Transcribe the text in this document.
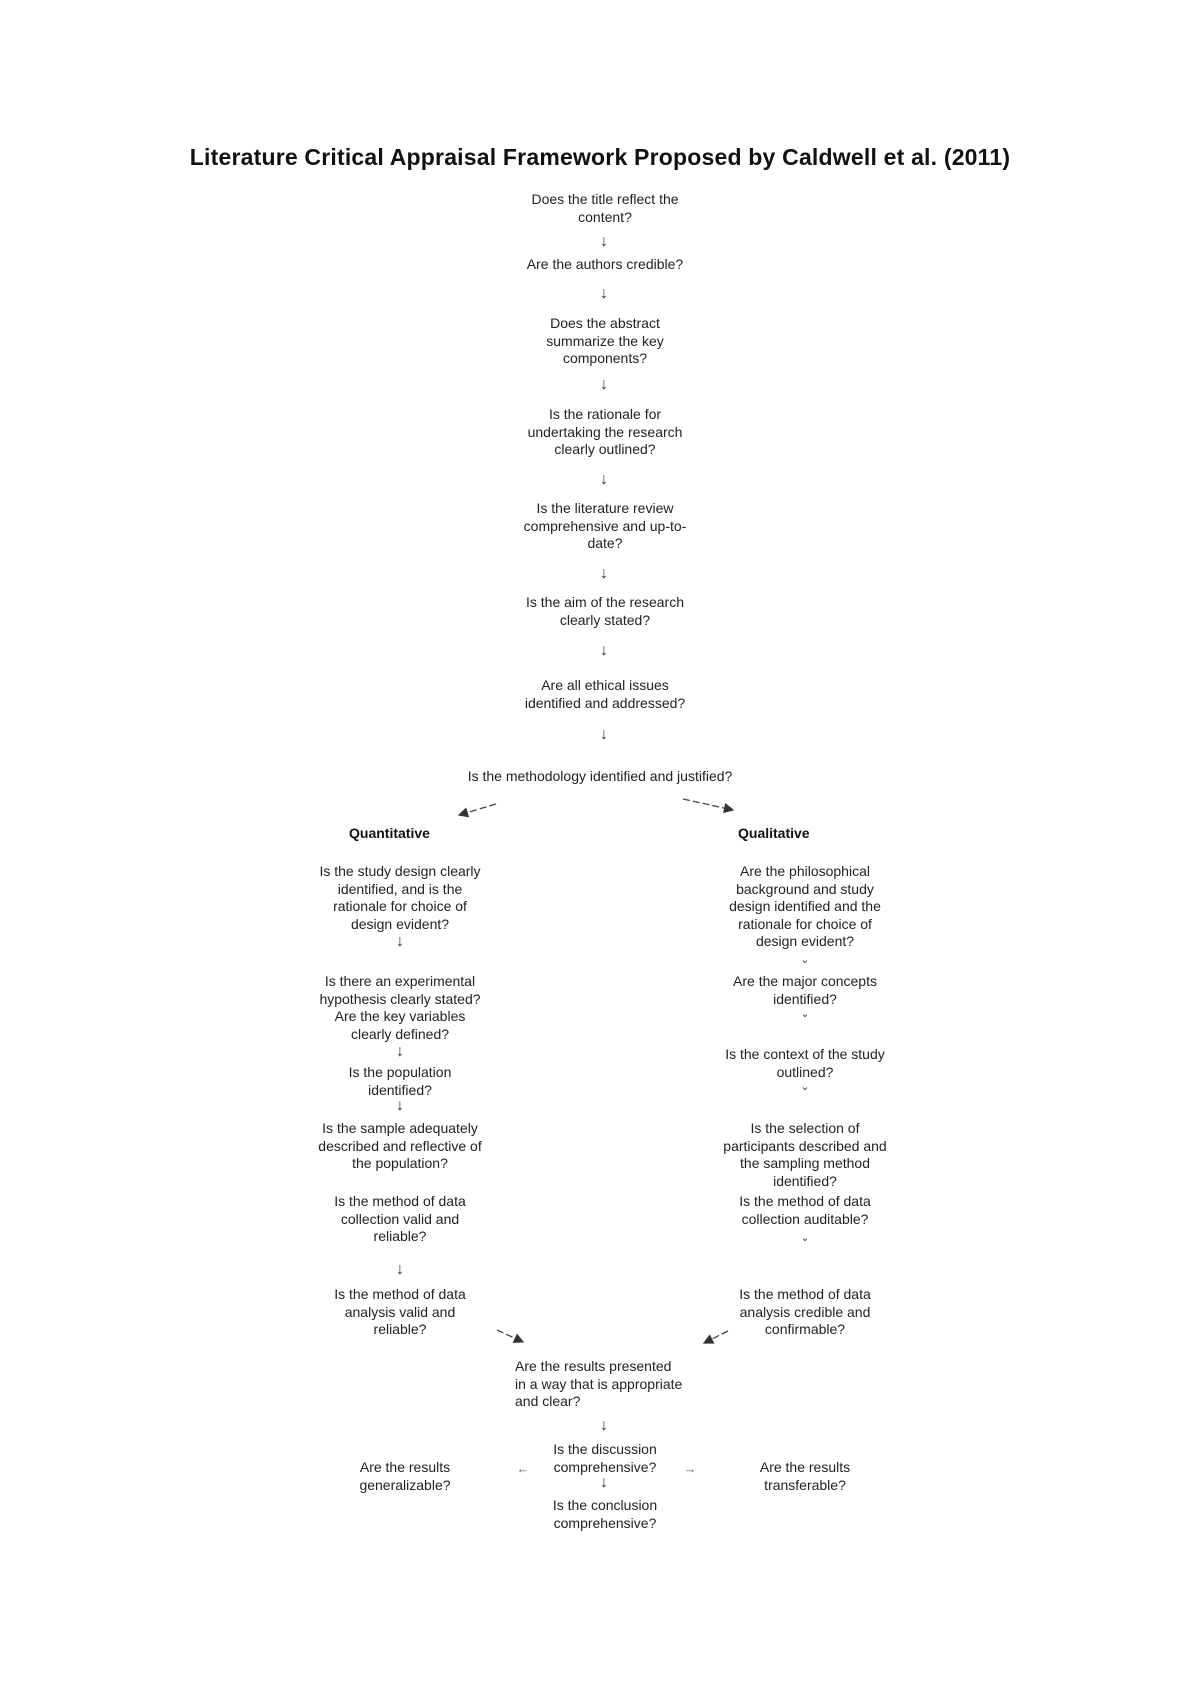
Literature Critical Appraisal Framework Proposed by Caldwell et al. (2011)
Does the title reflect the
content?
↓
Are the authors credible?
↓
Does the abstract
summarize the key
components?
↓
Is the rationale for
undertaking the research
clearly outlined?
↓
Is the literature review
comprehensive and up-to-
date?
↓
Is the aim of the research
clearly stated?
↓
Are all ethical issues
identified and addressed?
↓
Is the methodology identified and justified?
Quantitative	Qualitative
Is the study design clearly
identified, and is the
rationale for choice of
design evident?
↓
Is there an experimental
hypothesis clearly stated?
Are the key variables
clearly defined?
↓
Is the population
identified?
↓
Is the sample adequately
described and reflective of
the population?
Is the method of data
collection valid and
reliable?
↓
Is the method of data
analysis valid and
reliable?
Are the philosophical
background and study
design identified and the
rationale for choice of
design evident?
⌄
Are the major concepts
identified?
⌄
Is the context of the study
outlined?
⌄
Is the selection of
participants described and
the sampling method
identified?
Is the method of data
collection auditable?
⌄
Is the method of data
analysis credible and
confirmable?
Are the results presented
in a way that is appropriate
and clear?
↓
Is the discussion
comprehensive?
↓
Is the conclusion
comprehensive?
←	→
Are the results
generalizable?
Are the results
transferable?
